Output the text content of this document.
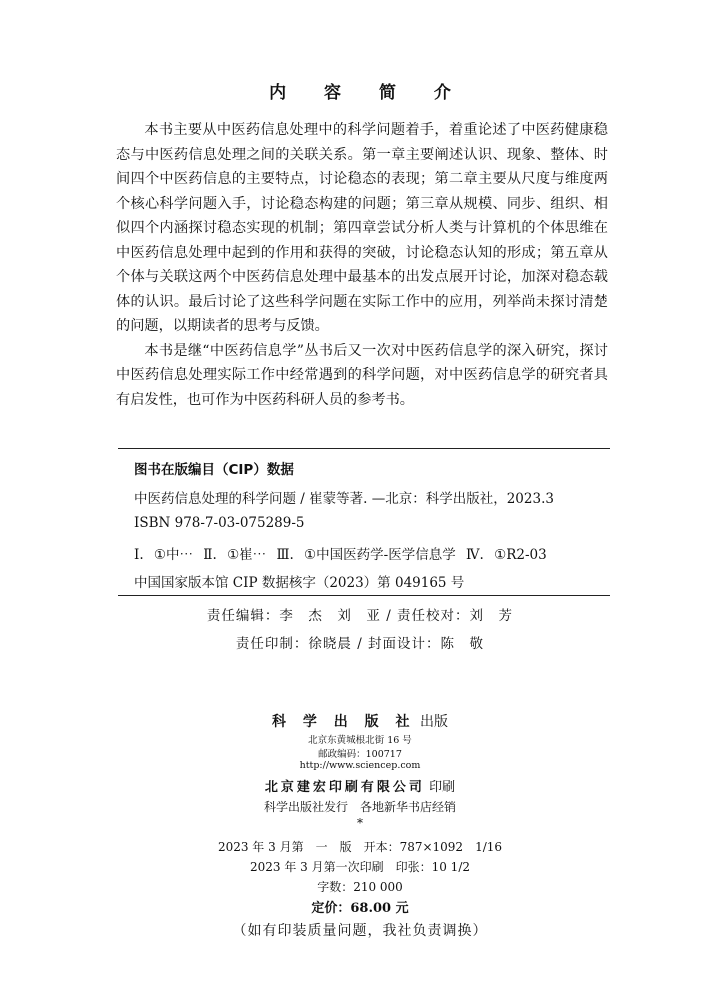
内 容 简 介

本书主要从中医药信息处理中的科学问题着手，着重论述了中医药健康稳态与中医药信息处理之间的关联关系。第一章主要阐述认识、现象、整体、时间四个中医药信息的主要特点，讨论稳态的表现；第二章主要从尺度与维度两个核心科学问题入手，讨论稳态构建的问题；第三章从规模、同步、组织、相似四个内涵探讨稳态实现的机制；第四章尝试分析人类与计算机的个体思维在中医药信息处理中起到的作用和获得的突破，讨论稳态认知的形成；第五章从个体与关联这两个中医药信息处理中最基本的出发点展开讨论，加深对稳态载体的认识。最后讨论了这些科学问题在实际工作中的应用，列举尚未探讨清楚的问题，以期读者的思考与反馈。

本书是继“中医药信息学”丛书后又一次对中医药信息学的深入研究，探讨中医药信息处理实际工作中经常遇到的科学问题，对中医药信息学的研究者具有启发性，也可作为中医药科研人员的参考书。

图书在版编目（CIP）数据
中医药信息处理的科学问题 / 崔蒙等著. —北京：科学出版社，2023.3
ISBN 978-7-03-075289-5
Ⅰ. ①中⋯ Ⅱ. ①崔⋯ Ⅲ. ①中国医药学-医学信息学 Ⅳ. ①R2-03
中国国家版本馆 CIP 数据核字（2023）第 049165 号
责任编辑：李　杰　刘　亚 / 责任校对：刘　芳
责任印制：徐晓晨 / 封面设计：陈　敬
科 学 出 版 社 出版
北京东黄城根北街 16 号
邮政编码：100717
http://www.sciencep.com
北京建宏印刷有限公司 印刷
科学出版社发行　各地新华书店经销
*
2023 年 3 月第　一　版　开本：787×1092　1/16
2023 年 3 月第一次印刷　印张：10 1/2
字数：210 000
定价：68.00 元
（如有印装质量问题，我社负责调换）
